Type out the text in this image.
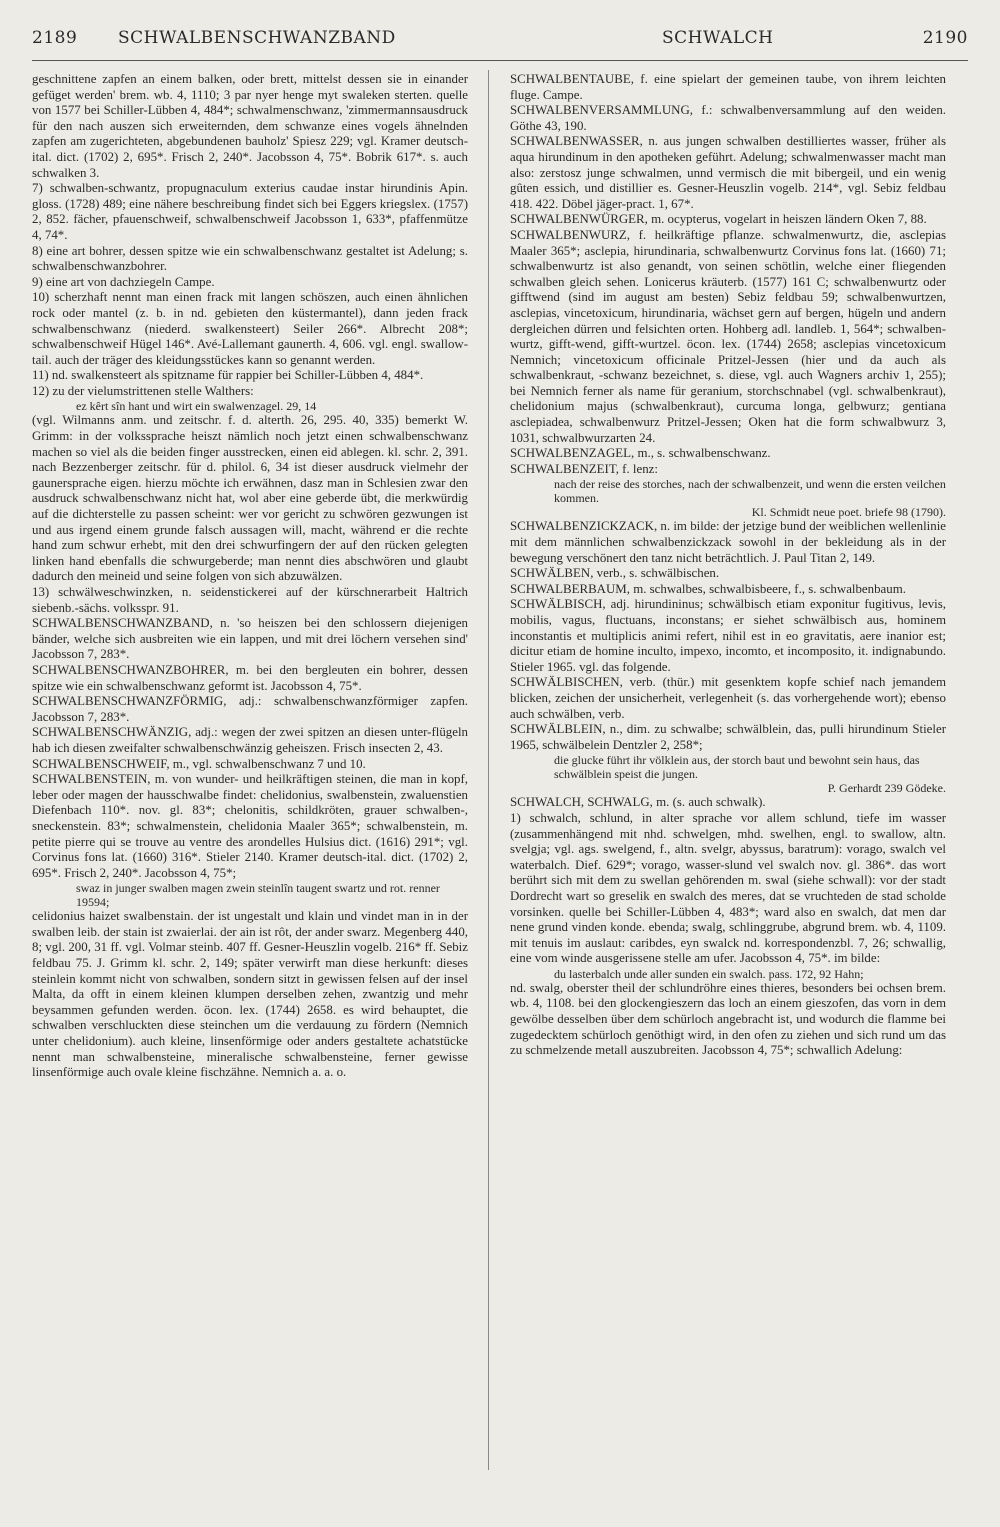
2189 SCHWALBENSCHWANZBAND	SCHWALCH	2190

geschnittene zapfen an einem balken, oder brett, mittelst dessen sie in einander gefüget werden' brem. wb. 4, 1110; 3 par nyer henge myt swaleken sterten. quelle von 1577 bei Schiller-Lübben 4, 484*; schwalmenschwanz, 'zimmermannsausdruck für den nach auszen sich erweiternden, dem schwanze eines vogels ähnelnden zapfen am zugerichteten, abgebundenen bauholz' Spiesz 229; vgl. Kramer deutsch-ital. dict. (1702) 2, 695*. Frisch 2, 240*. Jacobsson 4, 75*. Bobrik 617*. s. auch schwalken 3.

7) schwalben-schwantz, propugnaculum exterius caudae instar hirundinis Apin. gloss. (1728) 489; eine nähere beschreibung findet sich bei Eggers kriegslex. (1757) 2, 852. fächer, pfauenschweif, schwalbenschweif Jacobsson 1, 633*, pfaffenmütze 4, 74*.

8) eine art bohrer, dessen spitze wie ein schwalbenschwanz gestaltet ist Adelung; s. schwalbenschwanzbohrer.

9) eine art von dachziegeln Campe.

10) scherzhaft nennt man einen frack mit langen schöszen, auch einen ähnlichen rock oder mantel (z. b. in nd. gebieten den küstermantel), dann jeden frack schwalbenschwanz (niederd. swalkensteert) Seiler 266*. Albrecht 208*; schwalbenschweif Hügel 146*. Avé-Lallemant gaunerth. 4, 606. vgl. engl. swallow-tail. auch der träger des kleidungsstückes kann so genannt werden.

11) nd. swalkensteert als spitzname für rappier bei Schiller-Lübben 4, 484*.

12) zu der vielumstrittenen stelle Walthers:

ez kêrt sîn hant und wirt ein swalwenzagel. 29, 14

(vgl. Wilmanns anm. und zeitschr. f. d. alterth. 26, 295. 40, 335) bemerkt W. Grimm: in der volkssprache heiszt nämlich noch jetzt einen schwalbenschwanz machen so viel als die beiden finger ausstrecken, einen eid ablegen. kl. schr. 2, 391. nach Bezzenberger zeitschr. für d. philol. 6, 34 ist dieser ausdruck vielmehr der gaunersprache eigen. hierzu möchte ich erwähnen, dasz man in Schlesien zwar den ausdruck schwalbenschwanz nicht hat, wol aber eine geberde übt, die merkwürdig auf die dichterstelle zu passen scheint: wer vor gericht zu schwören gezwungen ist und aus irgend einem grunde falsch aussagen will, macht, während er die rechte hand zum schwur erhebt, mit den drei schwurfingern der auf den rücken gelegten linken hand ebenfalls die schwurgeberde; man nennt dies abschwören und glaubt dadurch den meineid und seine folgen von sich abzuwälzen.

13) schwälweschwinzken, n. seidenstickerei auf der kürschnerarbeit Haltrich siebenb.-sächs. volksspr. 91.

SCHWALBENSCHWANZBAND, n. 'so heiszen bei den schlossern diejenigen bänder, welche sich ausbreiten wie ein lappen, und mit drei löchern versehen sind' Jacobsson 7, 283*.

SCHWALBENSCHWANZBOHRER, m. bei den bergleuten ein bohrer, dessen spitze wie ein schwalbenschwanz geformt ist. Jacobsson 4, 75*.

SCHWALBENSCHWANZFÖRMIG, adj.: schwalbenschwanzförmiger zapfen. Jacobsson 7, 283*.

SCHWALBENSCHWÄNZIG, adj.: wegen der zwei spitzen an diesen unter-flügeln hab ich diesen zweifalter schwalbenschwänzig geheiszen. Frisch insecten 2, 43.

SCHWALBENSCHWEIF, m., vgl. schwalbenschwanz 7 und 10.

SCHWALBENSTEIN, m. von wunder- und heilkräftigen steinen, die man in kopf, leber oder magen der hausschwalbe findet: chelidonius, swalbenstein, zwaluenstien Diefenbach 110*. nov. gl. 83*; chelonitis, schildkröten, grauer schwalben-, sneckenstein. 83*; schwalmenstein, chelidonia Maaler 365*; schwalbenstein, m. petite pierre qui se trouve au ventre des arondelles Hulsius dict. (1616) 291*; vgl. Corvinus fons lat. (1660) 316*. Stieler 2140. Kramer deutsch-ital. dict. (1702) 2, 695*. Frisch 2, 240*. Jacobsson 4, 75*;

swaz in junger swalben magen zwein steinlîn taugent swartz und rot. renner 19594;

celidonius haizet swalbenstain. der ist ungestalt und klain und vindet man in in der swalben leib. der stain ist zwaierlai. der ain ist rôt, der ander swarz. Megenberg 440, 8; vgl. 200, 31 ff. vgl. Volmar steinb. 407 ff. Gesner-Heuszlin vogelb. 216* ff. Sebiz feldbau 75. J. Grimm kl. schr. 2, 149; später verwirft man diese herkunft: dieses steinlein kommt nicht von schwalben, sondern sitzt in gewissen felsen auf der insel Malta, da offt in einem kleinen klumpen derselben zehen, zwantzig und mehr beysammen gefunden werden. öcon. lex. (1744) 2658. es wird behauptet, die schwalben verschluckten diese steinchen um die verdauung zu fördern (Nemnich unter chelidonium). auch kleine, linsenförmige oder anders gestaltete achatstücke nennt man schwalbensteine, mineralische schwalbensteine, ferner gewisse linsenförmige auch ovale kleine fischzähne. Nemnich a. a. o.

SCHWALBENTAUBE, f. eine spielart der gemeinen taube, von ihrem leichten fluge. Campe.

SCHWALBENVERSAMMLUNG, f.: schwalbenversammlung auf den weiden. Göthe 43, 190.

SCHWALBENWASSER, n. aus jungen schwalben destilliertes wasser, früher als aqua hirundinum in den apotheken geführt. Adelung; schwalmenwasser macht man also: zerstosz junge schwalmen, unnd vermisch die mit bibergeil, und ein wenig gûten essich, und distillier es. Gesner-Heuszlin vogelb. 214*, vgl. Sebiz feldbau 418. 422. Döbel jäger-pract. 1, 67*.

SCHWALBENWÜRGER, m. ocypterus, vogelart in heiszen ländern Oken 7, 88.

SCHWALBENWURZ, f. heilkräftige pflanze. schwalmenwurtz, die, asclepias Maaler 365*; asclepia, hirundinaria, schwalbenwurtz Corvinus fons lat. (1660) 71; schwalbenwurtz ist also genandt, von seinen schötlin, welche einer fliegenden schwalben gleich sehen. Lonicerus kräuterb. (1577) 161 C; schwalbenwurtz oder gifftwend (sind im august am besten) Sebiz feldbau 59; schwalbenwurtzen, asclepias, vincetoxicum, hirundinaria, wächset gern auf bergen, hügeln und andern dergleichen dürren und felsichten orten. Hohberg adl. landleb. 1, 564*; schwalben-wurtz, gifft-wend, gifft-wurtzel. öcon. lex. (1744) 2658; asclepias vincetoxicum Nemnich; vincetoxicum officinale Pritzel-Jessen (hier und da auch als schwalbenkraut, -schwanz bezeichnet, s. diese, vgl. auch Wagners archiv 1, 255); bei Nemnich ferner als name für geranium, storchschnabel (vgl. schwalbenkraut), chelidonium majus (schwalbenkraut), curcuma longa, gelbwurz; gentiana asclepiadea, schwalbenwurz Pritzel-Jessen; Oken hat die form schwalbwurz 3, 1031, schwalbwurzarten 24.

SCHWALBENZAGEL, m., s. schwalbenschwanz.

SCHWALBENZEIT, f. lenz:

nach der reise des storches, nach der schwalbenzeit, und wenn die ersten veilchen kommen.

Kl. Schmidt neue poet. briefe 98 (1790).

SCHWALBENZICKZACK, n. im bilde: der jetzige bund der weiblichen wellenlinie mit dem männlichen schwalbenzickzack sowohl in der bekleidung als in der bewegung verschönert den tanz nicht beträchtlich. J. Paul Titan 2, 149.

SCHWÄLBEN, verb., s. schwälbischen.

SCHWALBERBAUM, m. schwalbes, schwalbisbeere, f., s. schwalbenbaum.

SCHWÄLBISCH, adj. hirundininus; schwälbisch etiam exponitur fugitivus, levis, mobilis, vagus, fluctuans, inconstans; er siehet schwälbisch aus, hominem inconstantis et multiplicis animi refert, nihil est in eo gravitatis, aere inanior est; dicitur etiam de homine inculto, impexo, incomto, et incomposito, it. indignabundo. Stieler 1965. vgl. das folgende.

SCHWÄLBISCHEN, verb. (thür.) mit gesenktem kopfe schief nach jemandem blicken, zeichen der unsicherheit, verlegenheit (s. das vorhergehende wort); ebenso auch schwälben, verb.

SCHWÄLBLEIN, n., dim. zu schwalbe; schwälblein, das, pulli hirundinum Stieler 1965, schwälbelein Dentzler 2, 258*;

die glucke führt ihr völklein aus, der storch baut und bewohnt sein haus, das schwälblein speist die jungen.

P. Gerhardt 239 Gödeke.

SCHWALCH, SCHWALG, m. (s. auch schwalk).

1) schwalch, schlund, in alter sprache vor allem schlund, tiefe im wasser (zusammenhängend mit nhd. schwelgen, mhd. swelhen, engl. to swallow, altn. svelgja; vgl. ags. swelgend, f., altn. svelgr, abyssus, baratrum): vorago, swalch vel waterbalch. Dief. 629*; vorago, wasser-slund vel swalch nov. gl. 386*. das wort berührt sich mit dem zu swellan gehörenden m. swal (siehe schwall): vor der stadt Dordrecht wart so greselik en swalch des meres, dat se vruchteden de stad scholde vorsinken. quelle bei Schiller-Lübben 4, 483*; ward also en swalch, dat men dar nene grund vinden konde. ebenda; swalg, schlinggrube, abgrund brem. wb. 4, 1109. mit tenuis im auslaut: caribdes, eyn swalck nd. korrespondenzbl. 7, 26; schwallig, eine vom winde ausgerissene stelle am ufer. Jacobsson 4, 75*. im bilde:

du lasterbalch unde aller sunden ein swalch. pass. 172, 92 Hahn;

nd. swalg, oberster theil der schlundröhre eines thieres, besonders bei ochsen brem. wb. 4, 1108. bei den glockengieszern das loch an einem gieszofen, das vorn in dem gewölbe desselben über dem schürloch angebracht ist, und wodurch die flamme bei zugedecktem schürloch genöthigt wird, in den ofen zu ziehen und sich rund um das zu schmelzende metall auszubreiten. Jacobsson 4, 75*; schwallich Adelung:
